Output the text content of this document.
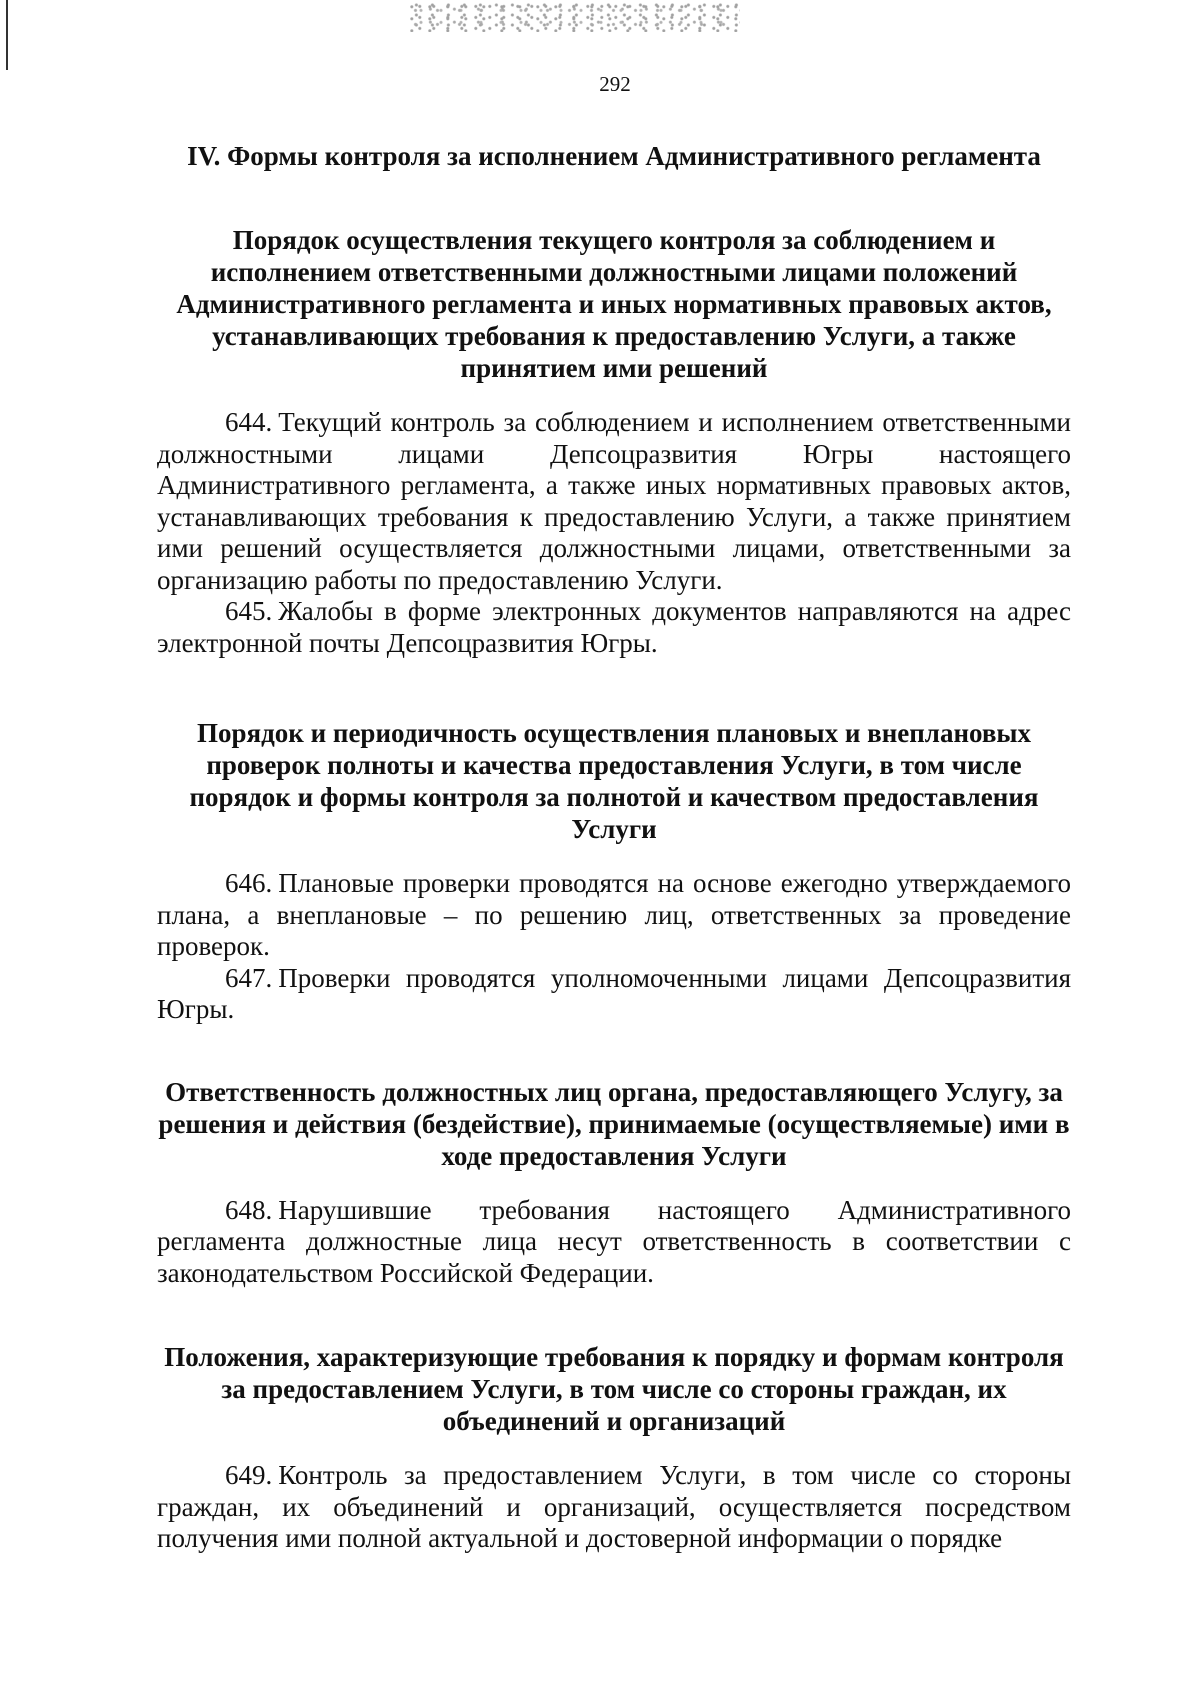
292

IV. Формы контроля за исполнением Административного регламента

Порядок осуществления текущего контроля за соблюдением и исполнением ответственными должностными лицами положений Административного регламента и иных нормативных правовых актов, устанавливающих требования к предоставлению Услуги, а также принятием ими решений

644. Текущий контроль за соблюдением и исполнением ответственными должностными лицами Депсоцразвития Югры настоящего Административного регламента, а также иных нормативных правовых актов, устанавливающих требования к предоставлению Услуги, а также принятием ими решений осуществляется должностными лицами, ответственными за организацию работы по предоставлению Услуги.

645. Жалобы в форме электронных документов направляются на адрес электронной почты Депсоцразвития Югры.

Порядок и периодичность осуществления плановых и внеплановых проверок полноты и качества предоставления Услуги, в том числе порядок и формы контроля за полнотой и качеством предоставления Услуги

646. Плановые проверки проводятся на основе ежегодно утверждаемого плана, а внеплановые – по решению лиц, ответственных за проведение проверок.

647. Проверки проводятся уполномоченными лицами Депсоцразвития Югры.

Ответственность должностных лиц органа, предоставляющего Услугу, за решения и действия (бездействие), принимаемые (осуществляемые) ими в ходе предоставления Услуги

648. Нарушившие требования настоящего Административного регламента должностные лица несут ответственность в соответствии с законодательством Российской Федерации.

Положения, характеризующие требования к порядку и формам контроля за предоставлением Услуги, в том числе со стороны граждан, их объединений и организаций

649. Контроль за предоставлением Услуги, в том числе со стороны граждан, их объединений и организаций, осуществляется посредством получения ими полной актуальной и достоверной информации о порядке
